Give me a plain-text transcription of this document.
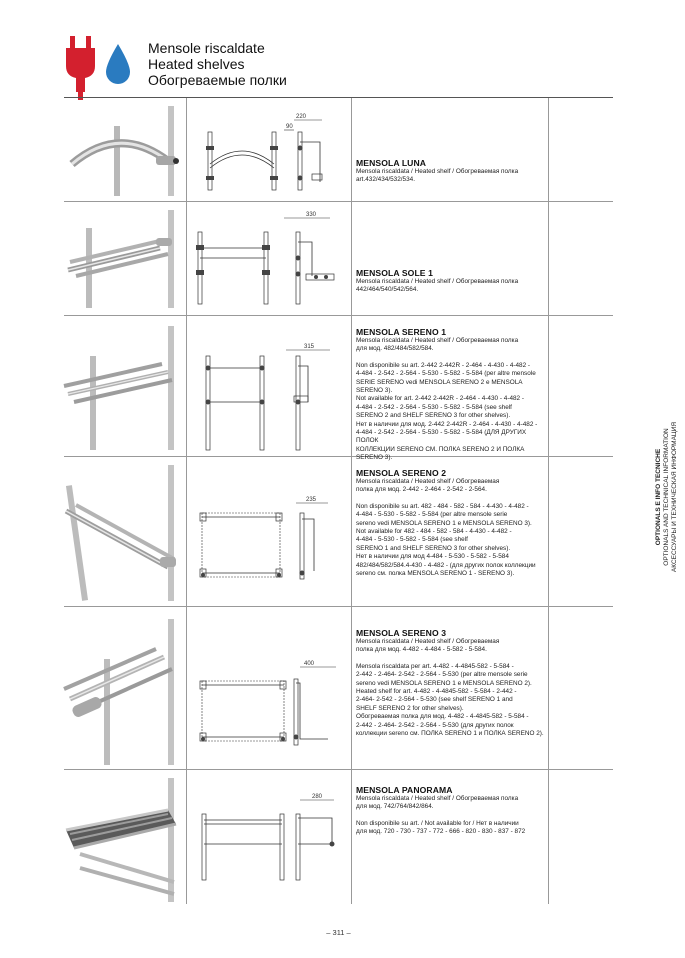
Mensole riscaldate
Heated shelves
Обогреваемые полки
220
90
MENSOLA LUNA

Mensola riscaldata / Heated shelf / Обогреваемая полка

art.432/434/532/534.

330
MENSOLA SOLE 1

Mensola riscaldata / Heated shelf / Обогреваемая полка

442/464/540/542/564.

315
MENSOLA SERENO 1

Mensola riscaldata / Heated shelf / Обогреваемая полка

для мод. 482/484/582/584.

Non disponibile su art. 2-442 2-442R - 2-464 - 4-430 - 4-482 -

4-484 - 2-542 - 2-564 - 5-530 - 5-582 - 5-584 (per altre mensole

SERIE SERENO vedi MENSOLA SERENO 2 e MENSOLA SERENO 3).

Not available for art. 2-442 2-442R - 2-464 - 4-430 - 4-482 -

4-484 - 2-542 - 2-564 - 5-530 - 5-582 - 5-584 (see shelf

SERENO 2 and SHELF SERENO 3 for other shelves).

Нет в наличии для мод. 2-442 2-442R - 2-464 - 4-430 - 4-482 -

4-484 - 2-542 - 2-564 - 5-530 - 5-582 - 5-584 (ДЛЯ ДРУГИХ ПОЛОК

КОЛЛЕКЦИИ SERENO СМ. ПОЛКА SERENO 2 И ПОЛКА SERENO 3).

235
MENSOLA SERENO 2

Mensola riscaldata / Heated shelf / Обогреваемая

полка для мод. 2-442 - 2-464 - 2-542 - 2-564.

Non disponibile su art. 482 - 484 - 582 - 584 - 4-430 - 4-482 -

4-484 - 5-530 - 5-582 - 5-584 (per altre mensole serie

sereno vedi MENSOLA SERENO 1 e MENSOLA SERENO 3).

Not available for 482 - 484 - 582 - 584 - 4-430 - 4-482 -

4-484 - 5-530 - 5-582 - 5-584 (see shelf

SERENO 1 and SHELF SERENO 3 for other shelves).

Нет в наличии для мод 4-484 - 5-530 - 5-582 - 5-584

482/484/582/584.4-430 - 4-482 - (для других полок коллекции

sereno см. полка MENSOLA SERENO 1 - SERENO 3).

400
MENSOLA SERENO 3

Mensola riscaldata / Heated shelf / Обогреваемая

полка для мод. 4-482 - 4-484 - 5-582 - 5-584.

Mensola riscaldata per art. 4-482 - 4-4845-582 - 5-584 -

2-442 - 2-464- 2-542 - 2-564 - 5-530 (per altre mensole serie

sereno vedi MENSOLA SERENO 1 e MENSOLA SERENO 2).

Heated shelf for art. 4-482 - 4-4845-582 - 5-584 - 2-442 -

2-464- 2-542 - 2-564 - 5-530 (see shelf SERENO 1 and

SHELF SERENO 2 for other shelves).

Обогреваемая полка для мод. 4-482 - 4-4845-582 - 5-584 -

2-442 - 2-464- 2-542 - 2-564 - 5-530 (для других полок

коллекции sereno см. ПОЛКА SERENO 1 и ПОЛКА SERENO 2).

280
MENSOLA PANORAMA

Mensola riscaldata / Heated shelf / Обогреваемая полка

для мод. 742/764/842/864.

Non disponibile su art. / Not available for / Нет в наличии

для мод. 720 - 730 - 737 - 772 - 666 - 820 - 830 - 837 - 872

OPTIONALS E INFO TECNICHE OPTIONALS AND TECHNICAL INFORMATION АКСЕССУАРЫ И ТЕХНИЧЕСКАЯ ИНФОРМАЦИЯ
– 311 –
